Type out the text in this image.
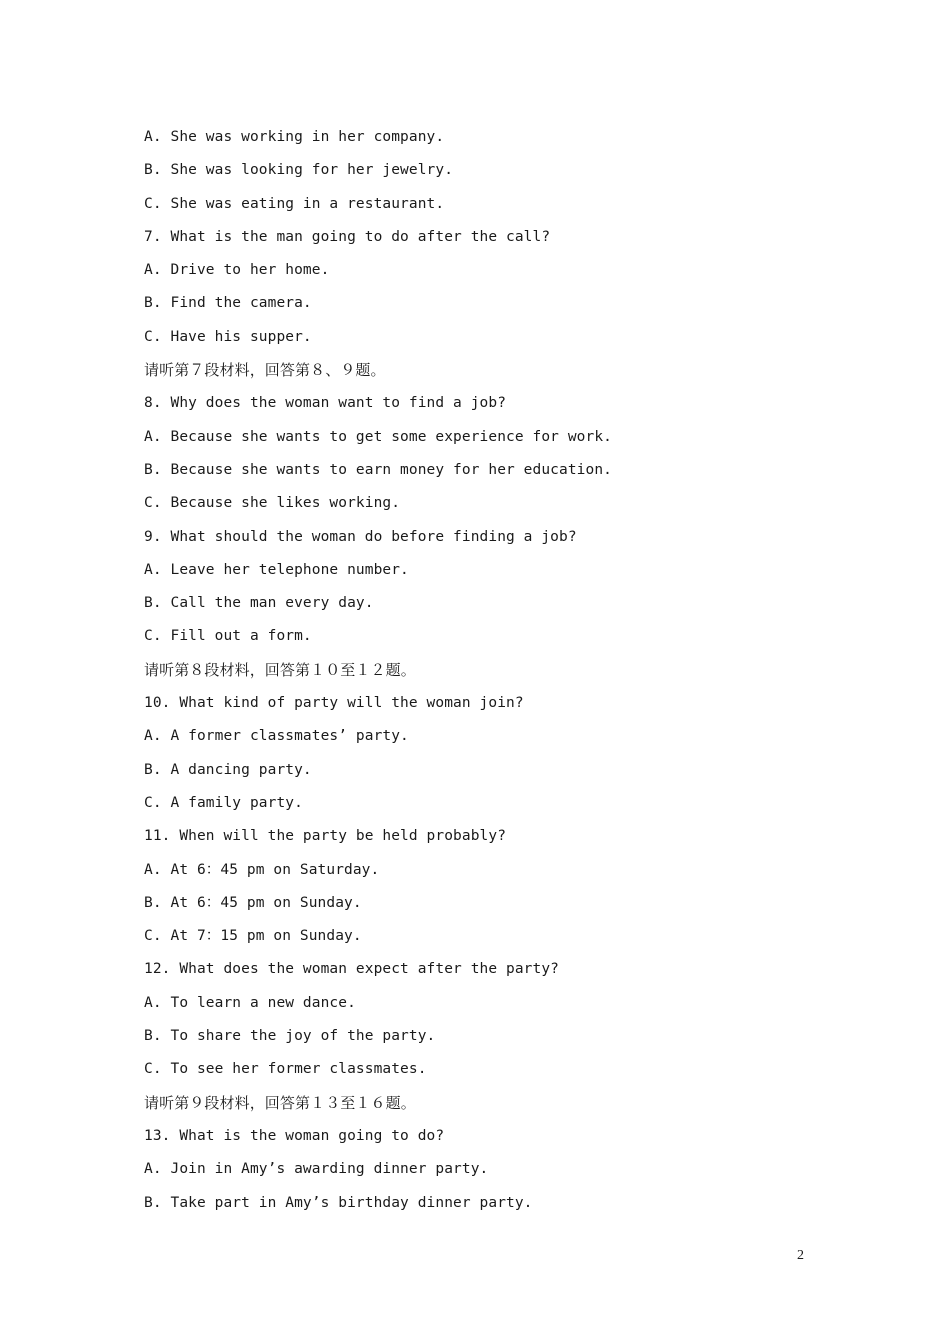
A. She was working in her company.
B. She was looking for her jewelry.
C. She was eating in a restaurant.
7. What is the man going to do after the call?
A. Drive to her home.
B. Find the camera.
C. Have his supper.
请听第７段材料，回答第８、９题。
8. Why does the woman want to find a job?
A. Because she wants to get some experience for work.
B. Because she wants to earn money for her education.
C. Because she likes working.
9. What should the woman do before finding a job?
A. Leave her telephone number.
B. Call the man every day.
C. Fill out a form.
请听第８段材料，回答第１０至１２题。
10. What kind of party will the woman join?
A. A former classmates’ party.
B. A dancing party.
C. A family party.
11. When will the party be held probably?
A. At 6：45 pm on Saturday.
B. At 6：45 pm on Sunday.
C. At 7：15 pm on Sunday.
12. What does the woman expect after the party?
A. To learn a new dance.
B. To share the joy of the party.
C. To see her former classmates.
请听第９段材料，回答第１３至１６题。
13. What is the woman going to do?
A. Join in Amy’s awarding dinner party.
B. Take part in Amy’s birthday dinner party.
2
